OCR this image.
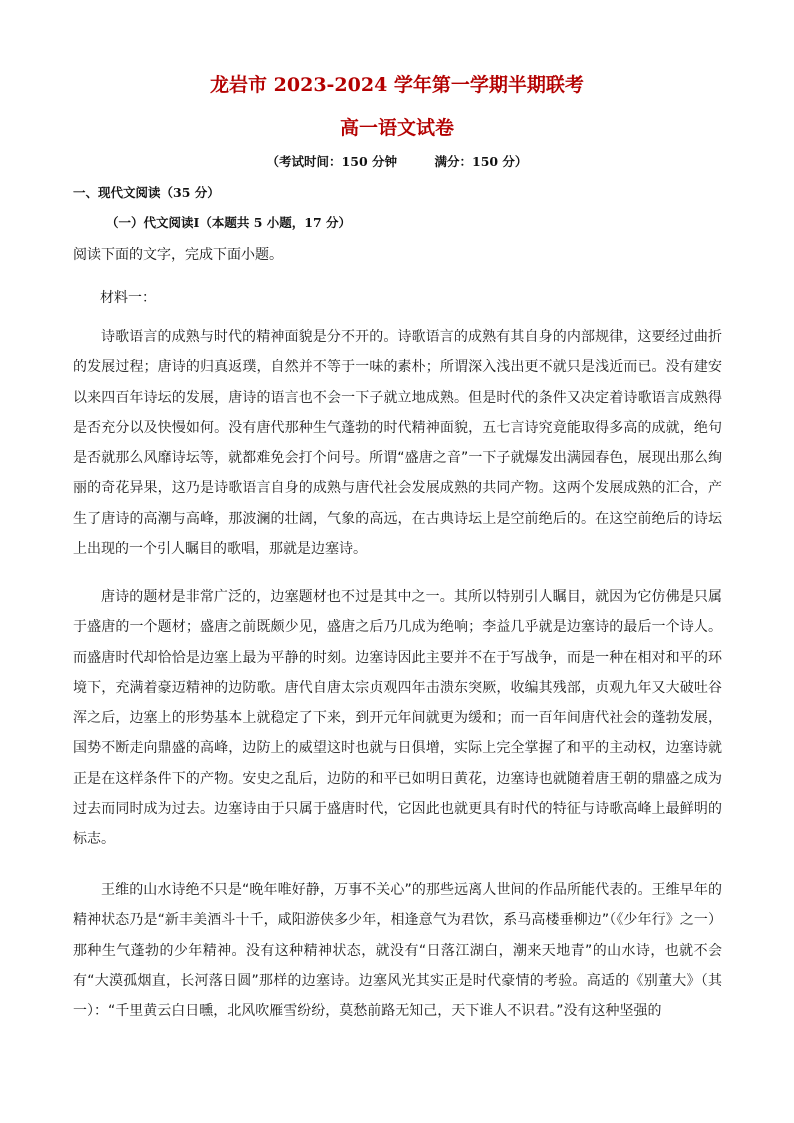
龙岩市 2023-2024 学年第一学期半期联考
高一语文试卷
（考试时间：150 分钟　　　满分：150 分）
一、现代文阅读（35 分）
（一）代文阅读Ⅰ（本题共 5 小题，17 分）
阅读下面的文字，完成下面小题。
材料一：

诗歌语言的成熟与时代的精神面貌是分不开的。诗歌语言的成熟有其自身的内部规律，这要经过曲折的发展过程；唐诗的归真返璞，自然并不等于一味的素朴；所谓深入浅出更不就只是浅近而已。没有建安以来四百年诗坛的发展，唐诗的语言也不会一下子就立地成熟。但是时代的条件又决定着诗歌语言成熟得是否充分以及快慢如何。没有唐代那种生气蓬勃的时代精神面貌，五七言诗究竟能取得多高的成就，绝句是否就那么风靡诗坛等，就都难免会打个问号。所谓“盛唐之音”一下子就爆发出满园春色，展现出那么绚丽的奇花异果，这乃是诗歌语言自身的成熟与唐代社会发展成熟的共同产物。这两个发展成熟的汇合，产生了唐诗的高潮与高峰，那波澜的壮阔，气象的高远，在古典诗坛上是空前绝后的。在这空前绝后的诗坛上出现的一个引人瞩目的歌唱，那就是边塞诗。

唐诗的题材是非常广泛的，边塞题材也不过是其中之一。其所以特别引人瞩目，就因为它仿佛是只属于盛唐的一个题材；盛唐之前既颇少见，盛唐之后乃几成为绝响；李益几乎就是边塞诗的最后一个诗人。而盛唐时代却恰恰是边塞上最为平静的时刻。边塞诗因此主要并不在于写战争，而是一种在相对和平的环境下，充满着豪迈精神的边防歌。唐代自唐太宗贞观四年击溃东突厥，收编其残部，贞观九年又大破吐谷浑之后，边塞上的形势基本上就稳定了下来，到开元年间就更为缓和；而一百年间唐代社会的蓬勃发展，国势不断走向鼎盛的高峰，边防上的威望这时也就与日俱增，实际上完全掌握了和平的主动权，边塞诗就正是在这样条件下的产物。安史之乱后，边防的和平已如明日黄花，边塞诗也就随着唐王朝的鼎盛之成为过去而同时成为过去。边塞诗由于只属于盛唐时代，它因此也就更具有时代的特征与诗歌高峰上最鲜明的标志。

王维的山水诗绝不只是“晚年唯好静，万事不关心”的那些远离人世间的作品所能代表的。王维早年的精神状态乃是“新丰美酒斗十千，咸阳游侠多少年，相逢意气为君饮，系马高楼垂柳边”（《少年行》之一）那种生气蓬勃的少年精神。没有这种精神状态，就没有“日落江湖白，潮来天地青”的山水诗，也就不会有“大漠孤烟直，长河落日圆”那样的边塞诗。边塞风光其实正是时代豪情的考验。高适的《别董大》（其一）：“千里黄云白日曛，北风吹雁雪纷纷，莫愁前路无知己，天下谁人不识君。”没有这种坚强的
